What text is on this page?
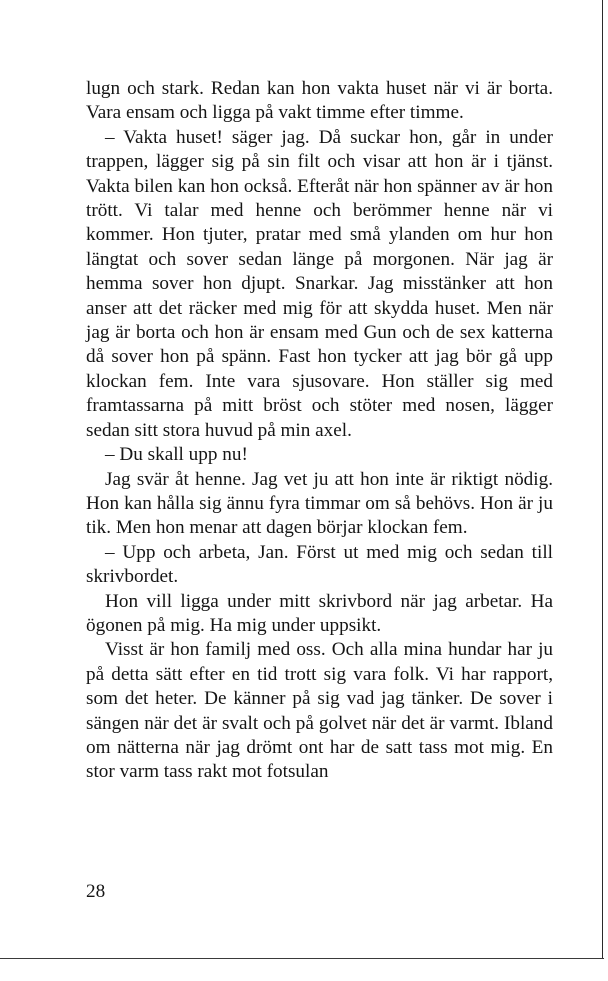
lugn och stark. Redan kan hon vakta huset när vi är borta. Vara ensam och ligga på vakt timme efter timme.

– Vakta huset! säger jag. Då suckar hon, går in under trappen, lägger sig på sin filt och visar att hon är i tjänst. Vakta bilen kan hon också. Efteråt när hon spänner av är hon trött. Vi talar med henne och berömmer henne när vi kommer. Hon tjuter, pratar med små ylanden om hur hon längtat och sover sedan länge på morgonen. När jag är hemma sover hon djupt. Snarkar. Jag misstänker att hon anser att det räcker med mig för att skydda huset. Men när jag är borta och hon är ensam med Gun och de sex katterna då sover hon på spänn. Fast hon tycker att jag bör gå upp klockan fem. Inte vara sjusovare. Hon ställer sig med framtassarna på mitt bröst och stöter med nosen, lägger sedan sitt stora huvud på min axel.

– Du skall upp nu!

Jag svär åt henne. Jag vet ju att hon inte är riktigt nödig. Hon kan hålla sig ännu fyra timmar om så behövs. Hon är ju tik. Men hon menar att dagen börjar klockan fem.

– Upp och arbeta, Jan. Först ut med mig och sedan till skrivbordet.

Hon vill ligga under mitt skrivbord när jag arbetar. Ha ögonen på mig. Ha mig under uppsikt.

Visst är hon familj med oss. Och alla mina hundar har ju på detta sätt efter en tid trott sig vara folk. Vi har rapport, som det heter. De känner på sig vad jag tänker. De sover i sängen när det är svalt och på golvet när det är varmt. Ibland om nätterna när jag drömt ont har de satt tass mot mig. En stor varm tass rakt mot fotsulan

28
